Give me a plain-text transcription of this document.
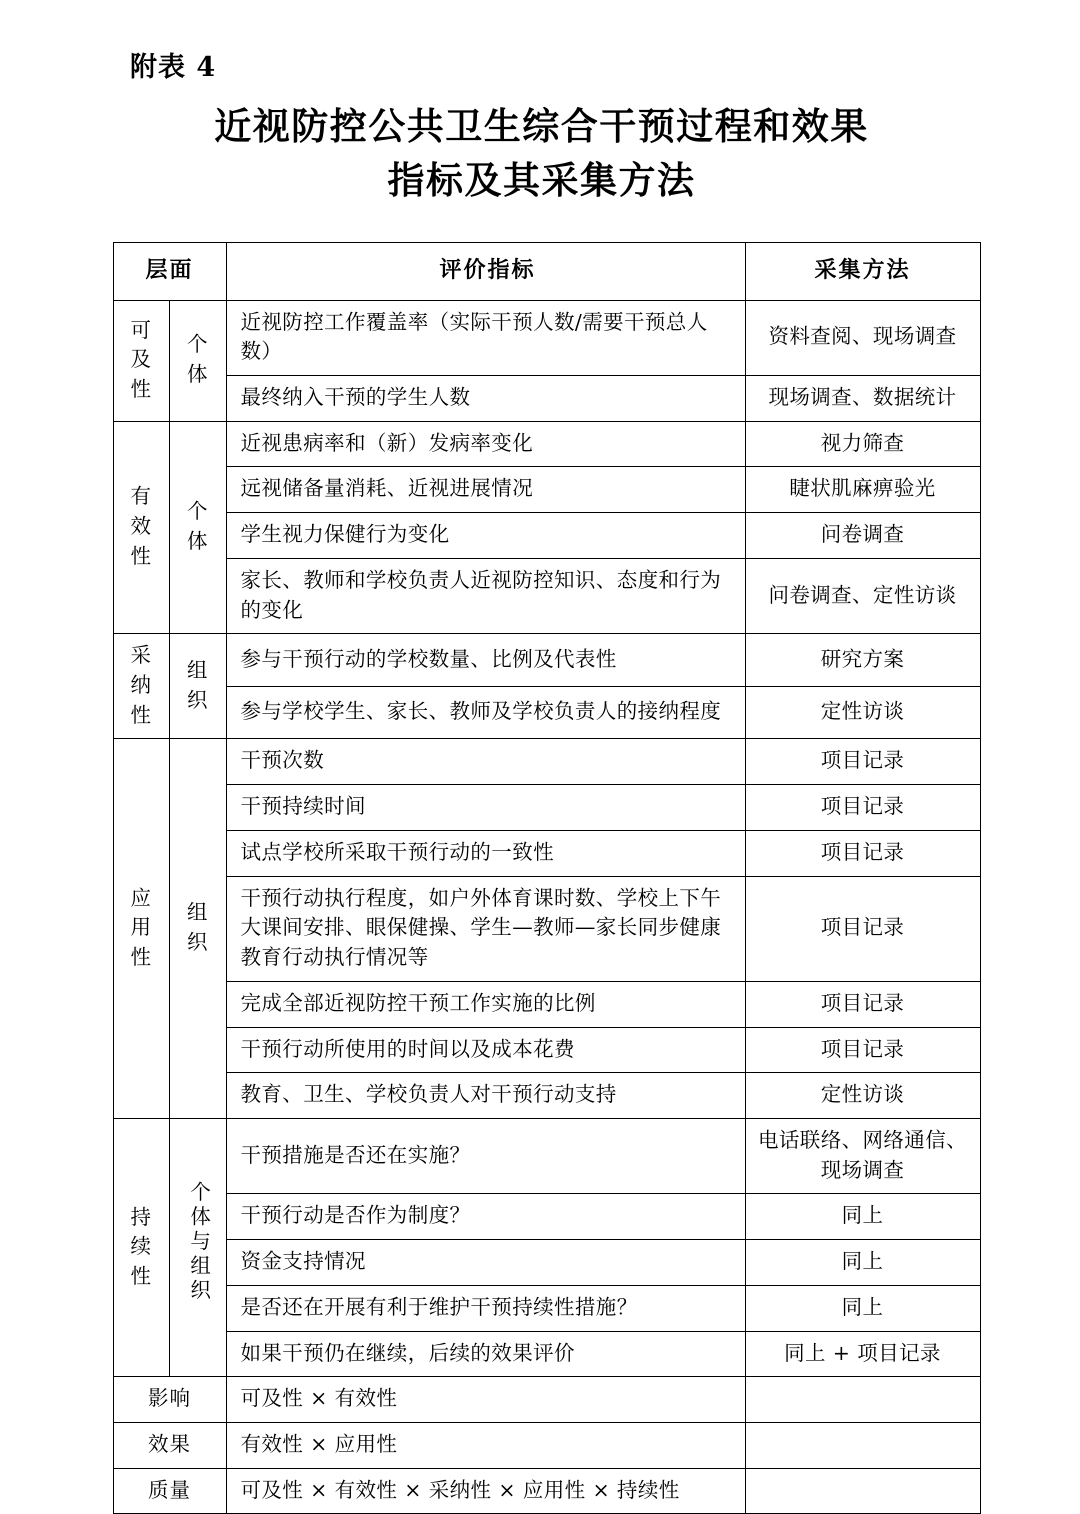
附表 4
近视防控公共卫生综合干预过程和效果
指标及其采集方法
层面		评价指标	采集方法
可及性	个体	近视防控工作覆盖率（实际干预人数/需要干预总人数）	资料查阅、现场调查
		最终纳入干预的学生人数	现场调查、数据统计
有效性	个体	近视患病率和（新）发病率变化	视力筛查
		远视储备量消耗、近视进展情况	睫状肌麻痹验光
		学生视力保健行为变化	问卷调查
		家长、教师和学校负责人近视防控知识、态度和行为的变化	问卷调查、定性访谈
采纳性	组织	参与干预行动的学校数量、比例及代表性	研究方案
		参与学校学生、家长、教师及学校负责人的接纳程度	定性访谈
应用性	组织	干预次数	项目记录
		干预持续时间	项目记录
		试点学校所采取干预行动的一致性	项目记录
		干预行动执行程度，如户外体育课时数、学校上下午大课间安排、眼保健操、学生—教师—家长同步健康教育行动执行情况等	项目记录
		完成全部近视防控干预工作实施的比例	项目记录
		干预行动所使用的时间以及成本花费	项目记录
		教育、卫生、学校负责人对干预行动支持	定性访谈
持续性	个体与组织	干预措施是否还在实施？	电话联络、网络通信、现场调查
		干预行动是否作为制度？	同上
		资金支持情况	同上
		是否还在开展有利于维护干预持续性措施？	同上
		如果干预仍在继续，后续的效果评价	同上 + 项目记录
影响		可及性 × 有效性	
效果		有效性 × 应用性	
质量		可及性 × 有效性 × 采纳性 × 应用性 × 持续性	
